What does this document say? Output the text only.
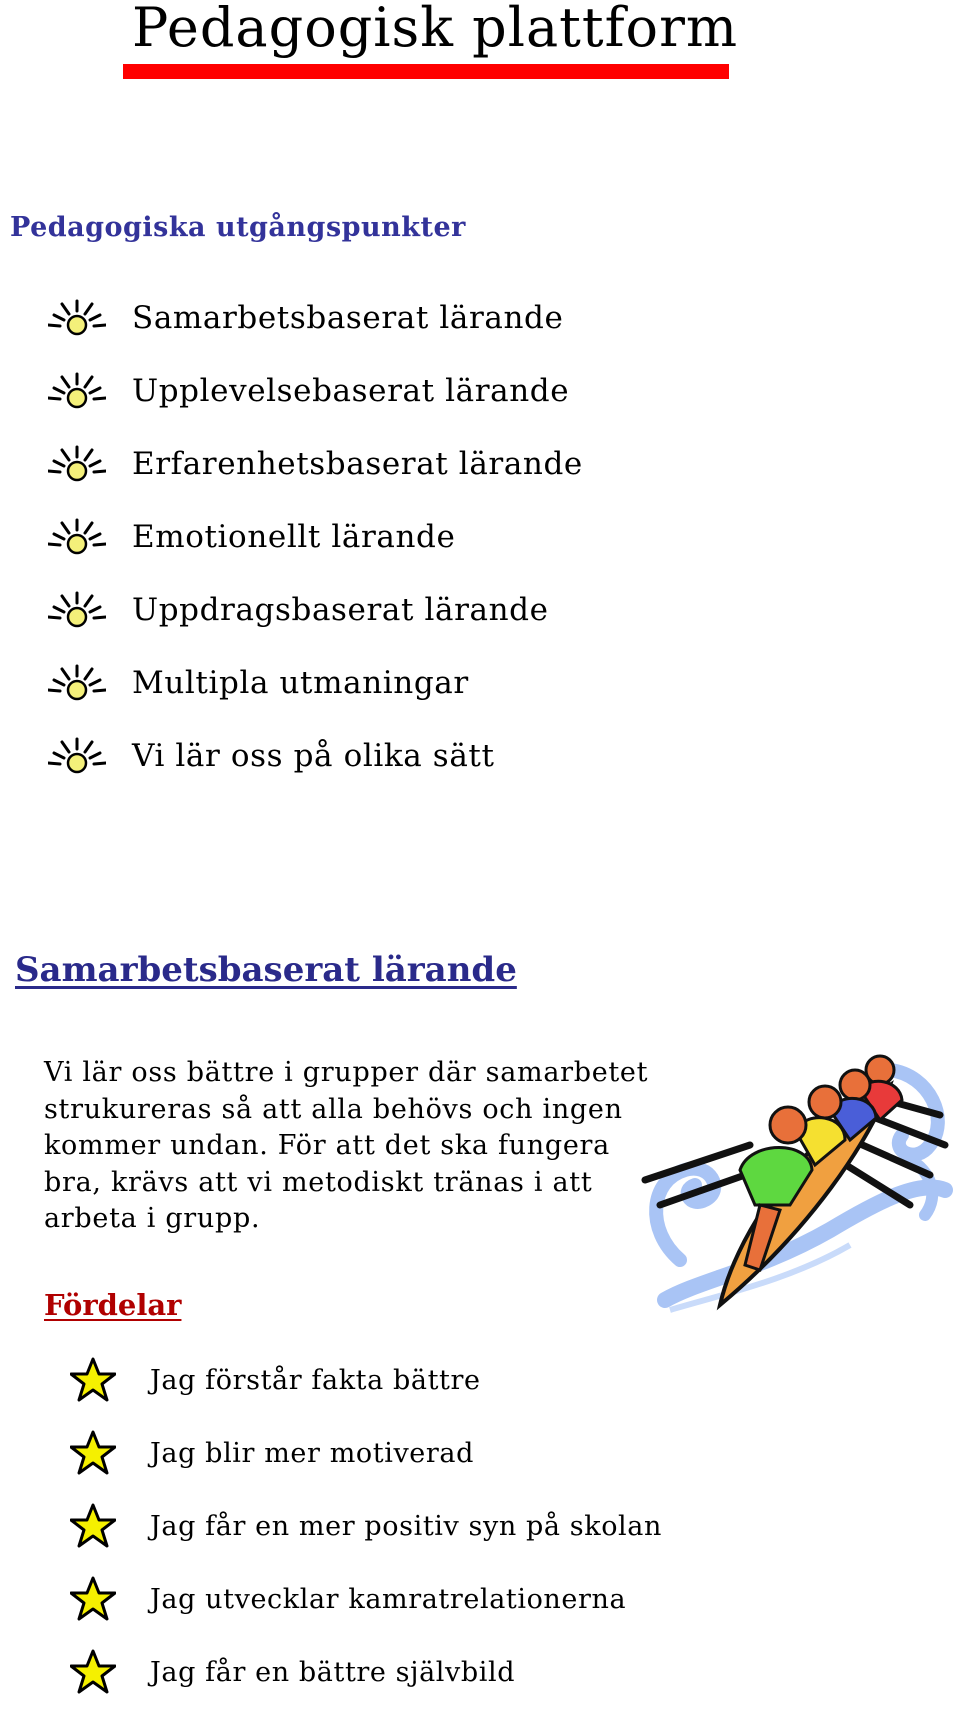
Pedagogisk plattform
Pedagogiska utgångspunkter
Samarbetsbaserat lärande
Upplevelsebaserat lärande
Erfarenhetsbaserat lärande
Emotionellt lärande
Uppdragsbaserat lärande
Multipla utmaningar
Vi lär oss på olika sätt
Samarbetsbaserat lärande
Vi lär oss bättre i grupper där samarbetet strukureras så att alla behövs och ingen kommer undan. För att det ska fungera bra, krävs att vi metodiskt tränas i att arbeta i grupp.
Fördelar
Jag förstår fakta bättre
Jag blir mer motiverad
Jag får en mer positiv syn på skolan
Jag utvecklar kamratrelationerna
Jag får en bättre självbild
